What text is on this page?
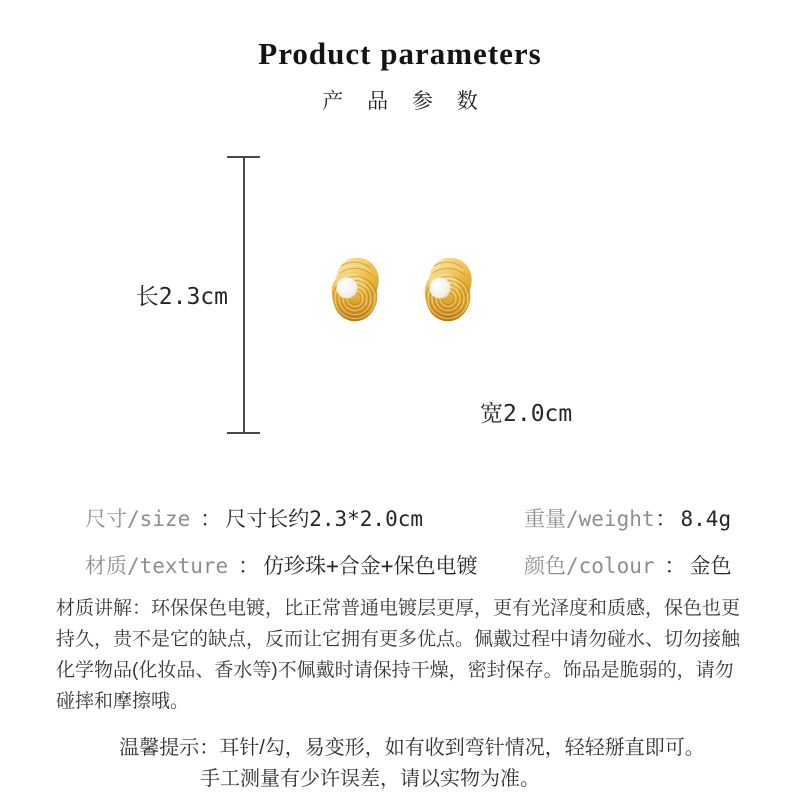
Product parameters
产 品 参 数
长2.3cm
宽2.0cm
尺寸/size ： 尺寸长约2.3*2.0cm	重量/weight： 8.4g
材质/texture ： 仿珍珠+合金+保色电镀 颜色/colour ： 金色
材质讲解：环保保色电镀，比正常普通电镀层更厚，更有光泽度和质感，保色也更
持久，贵不是它的缺点，反而让它拥有更多优点。佩戴过程中请勿碰水、切勿接触
化学物品(化妆品、香水等)不佩戴时请保持干燥，密封保存。饰品是脆弱的，请勿
碰摔和摩擦哦。
温馨提示：耳针/勾，易变形，如有收到弯针情况，轻轻掰直即可。
手工测量有少许误差，请以实物为准。
